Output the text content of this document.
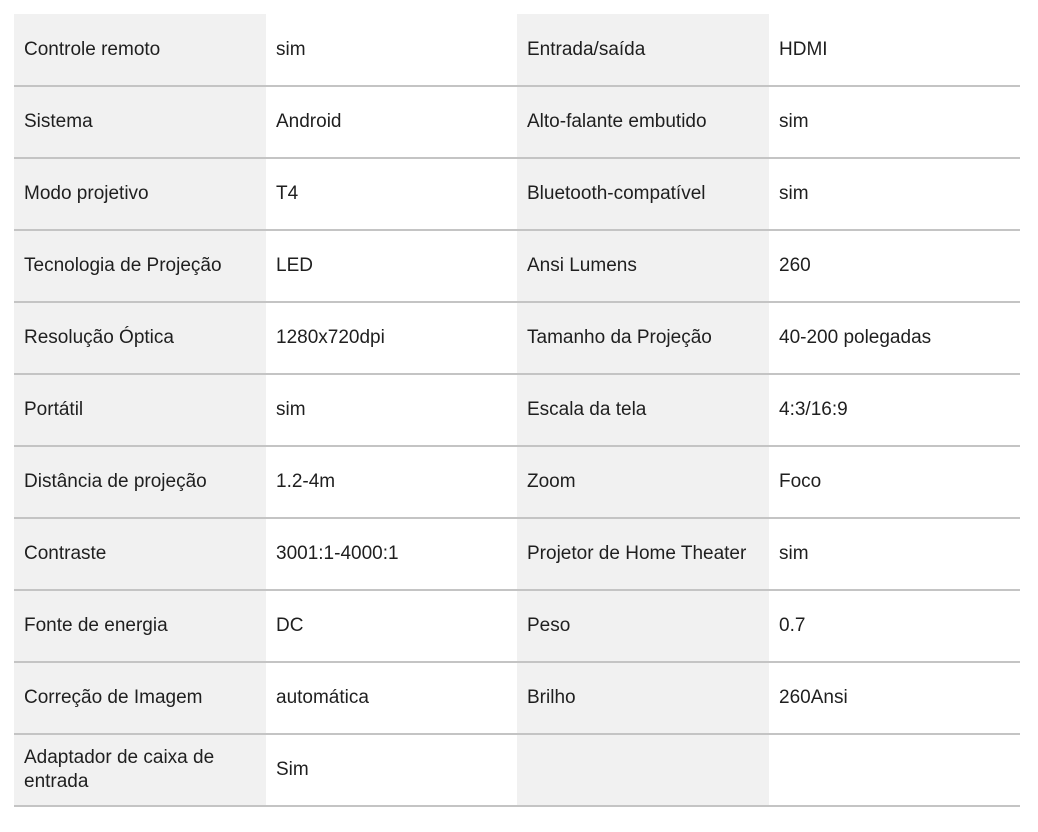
Controle remoto	sim	Entrada/saída	HDMI
Sistema	Android	Alto-falante embutido	sim
Modo projetivo	T4	Bluetooth-compatível	sim
Tecnologia de Projeção	LED	Ansi Lumens	260
Resolução Óptica	1280x720dpi	Tamanho da Projeção	40-200 polegadas
Portátil	sim	Escala da tela	4:3/16:9
Distância de projeção	1.2-4m	Zoom	Foco
Contraste	3001:1-4000:1	Projetor de Home Theater	sim
Fonte de energia	DC	Peso	0.7
Correção de Imagem	automática	Brilho	260Ansi
Adaptador de caixa de entrada	Sim		
